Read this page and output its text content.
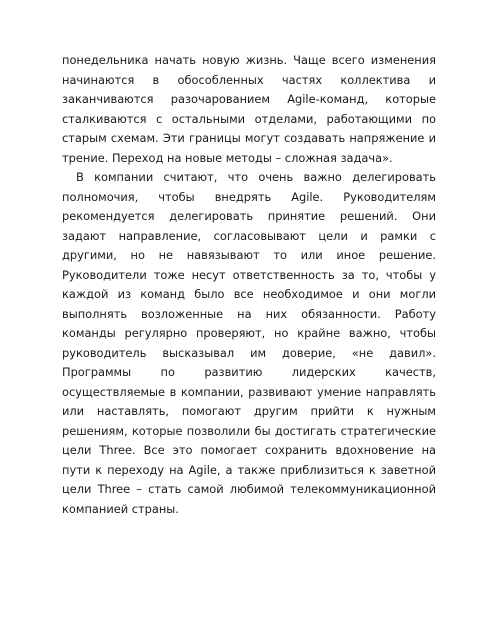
понедельника начать новую жизнь. Чаще всего изменения начинаются в обособленных частях коллектива и заканчиваются разочарованием Agile-команд, которые сталкиваются с остальными отделами, работающими по старым схемам. Эти границы могут создавать напряжение и трение. Переход на новые методы – сложная задача».

В компании считают, что очень важно делегировать полномочия, чтобы внедрять Agile. Руководителям рекомендуется делегировать принятие решений. Они задают направление, согласовывают цели и рамки с другими, но не навязывают то или иное решение. Руководители тоже несут ответственность за то, чтобы у каждой из команд было все необходимое и они могли выполнять возложенные на них обязанности. Работу команды регулярно проверяют, но крайне важно, чтобы руководитель высказывал им доверие, «не давил». Программы по развитию лидерских качеств, осуществляемые в компании, развивают умение направлять или наставлять, помогают другим прийти к нужным решениям, которые позволили бы достигать стратегические цели Three. Все это помогает сохранить вдохновение на пути к переходу на Agile, а также приблизиться к заветной цели Three – стать самой любимой телекоммуникационной компанией страны.
